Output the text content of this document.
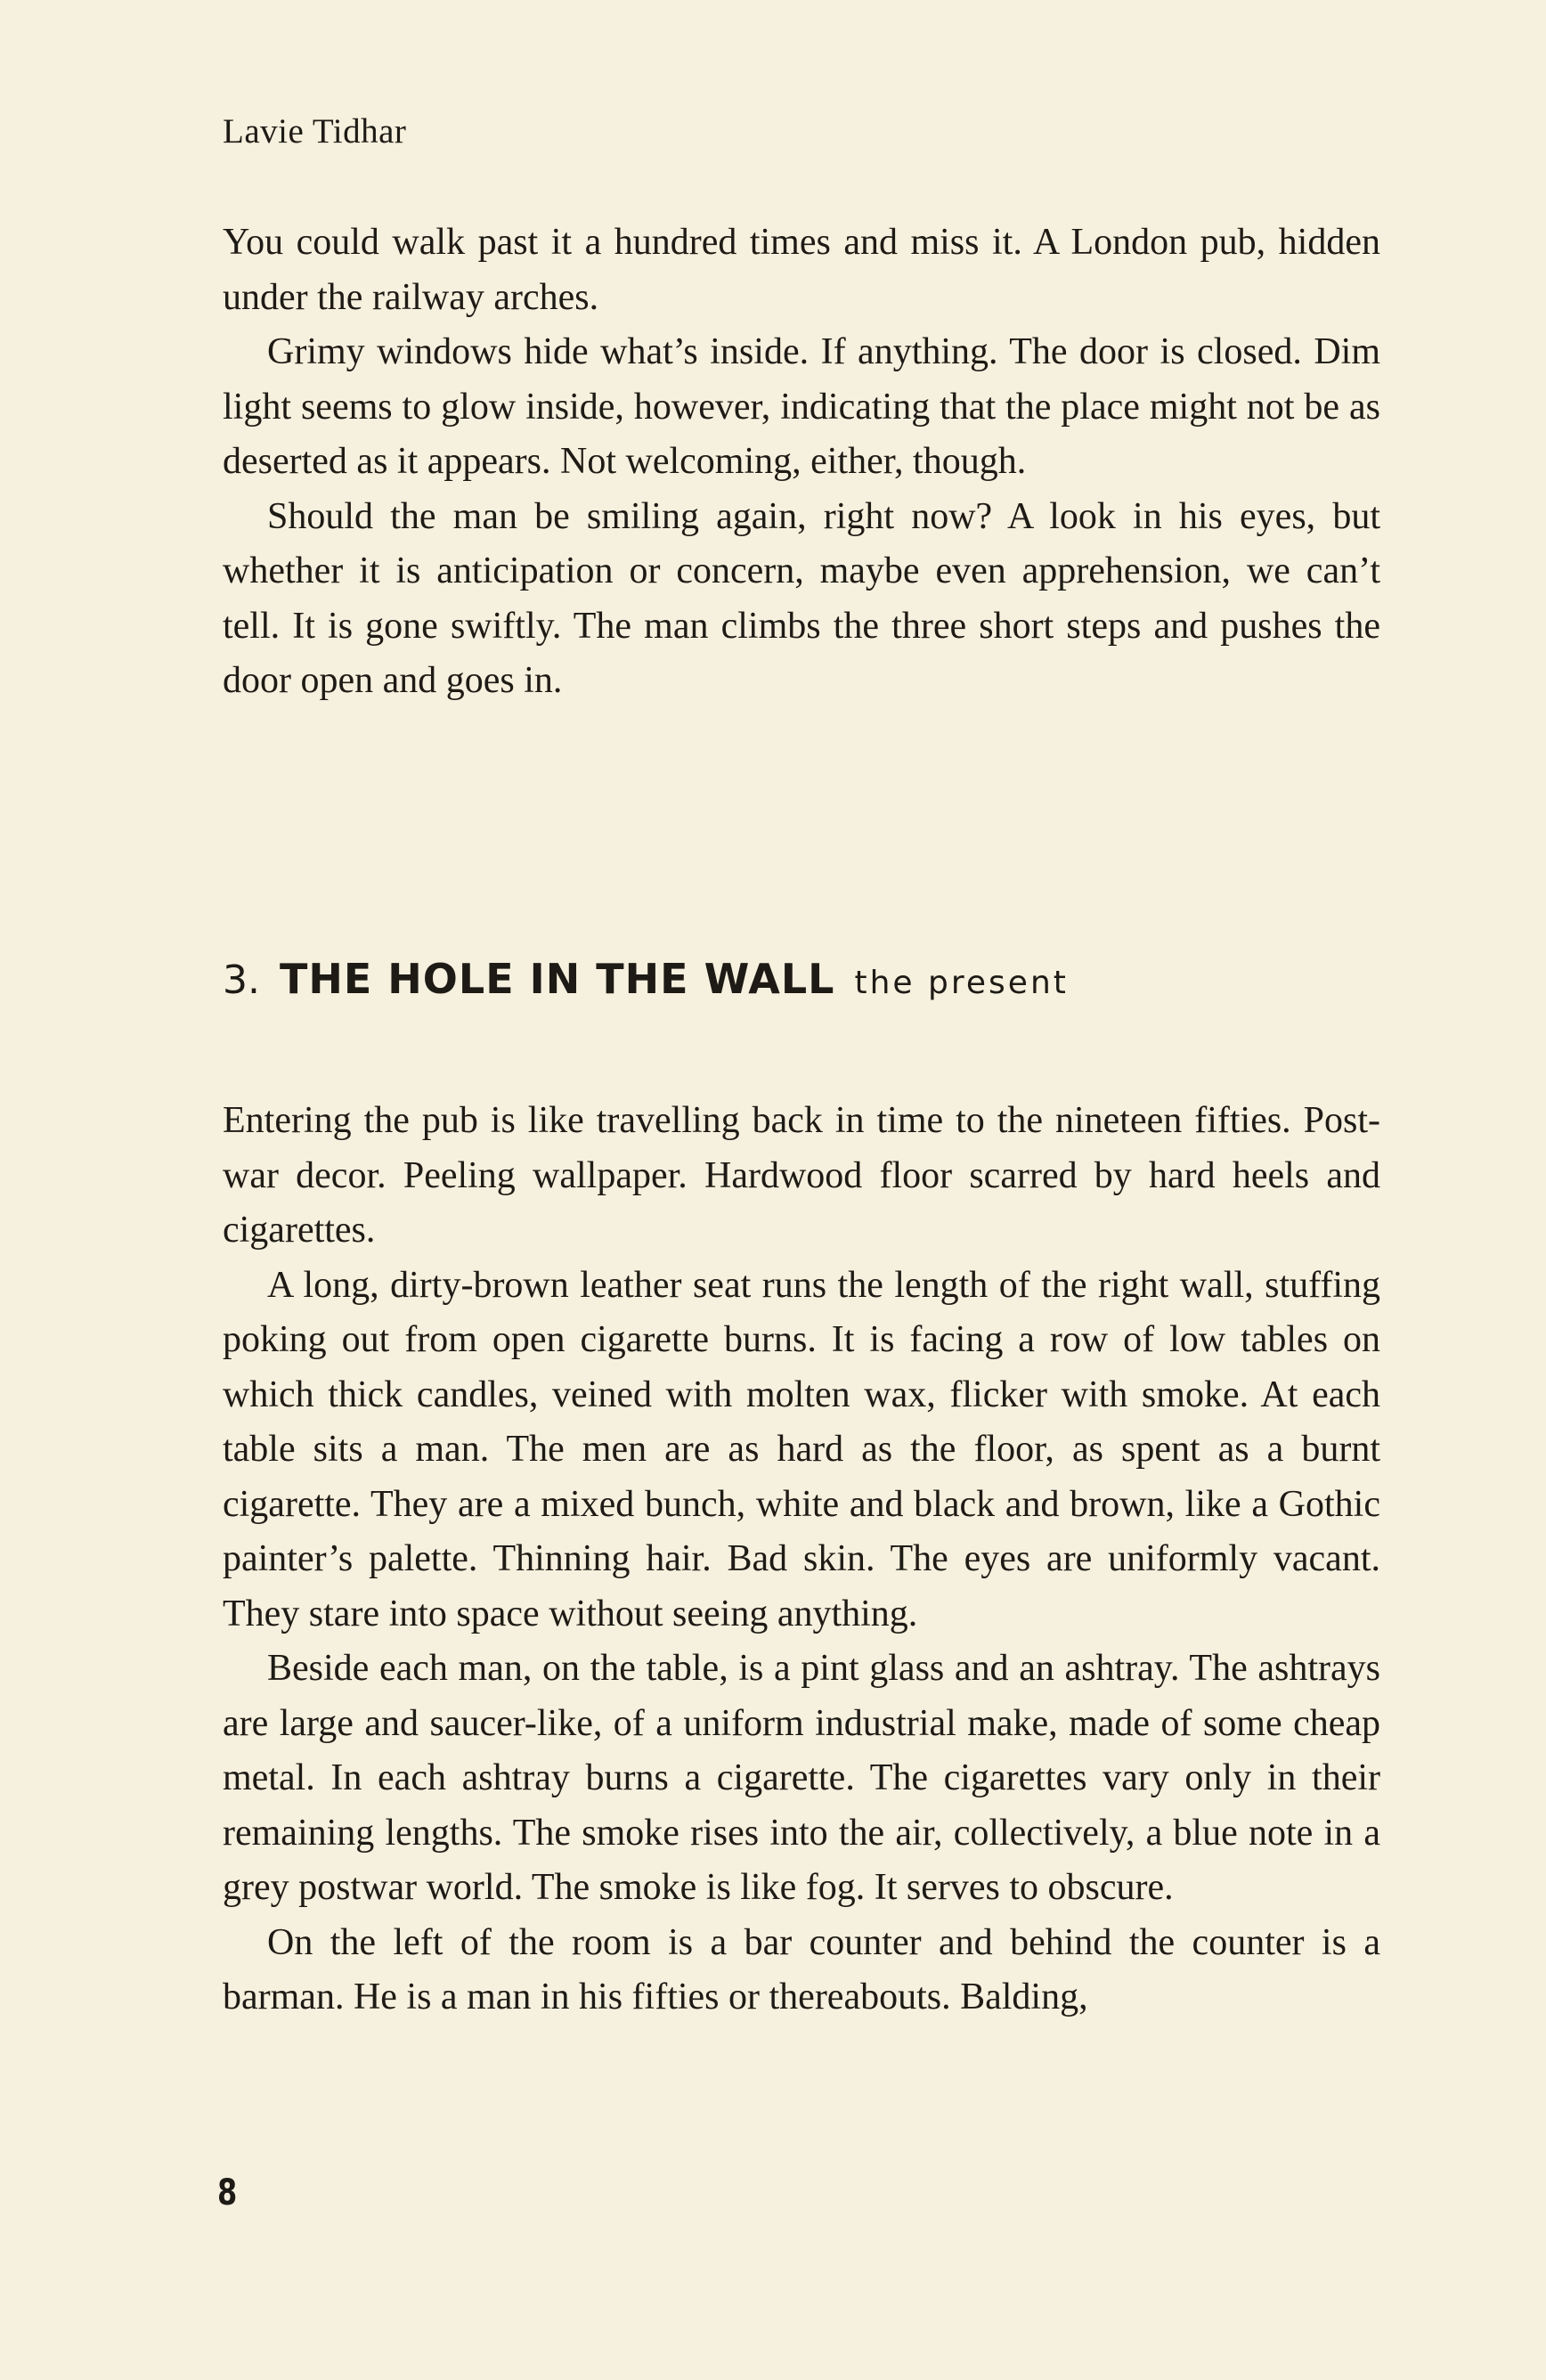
Lavie Tidhar

You could walk past it a hundred times and miss it. A London pub, hidden under the railway arches.

Grimy windows hide what’s inside. If anything. The door is closed. Dim light seems to glow inside, however, indicating that the place might not be as deserted as it appears. Not welcoming, either, though.

Should the man be smiling again, right now? A look in his eyes, but whether it is anticipation or concern, maybe even apprehension, we can’t tell. It is gone swiftly. The man climbs the three short steps and pushes the door open and goes in.

3. THE HOLE IN THE WALL the present

Entering the pub is like travelling back in time to the nineteen fifties. Post-war decor. Peeling wallpaper. Hardwood floor scarred by hard heels and cigarettes.

A long, dirty-brown leather seat runs the length of the right wall, stuffing poking out from open cigarette burns. It is facing a row of low tables on which thick candles, veined with molten wax, flicker with smoke. At each table sits a man. The men are as hard as the floor, as spent as a burnt cigarette. They are a mixed bunch, white and black and brown, like a Gothic painter’s palette. Thinning hair. Bad skin. The eyes are uniformly vacant. They stare into space without seeing anything.

Beside each man, on the table, is a pint glass and an ashtray. The ashtrays are large and saucer-like, of a uniform industrial make, made of some cheap metal. In each ashtray burns a cigarette. The cigarettes vary only in their remaining lengths. The smoke rises into the air, collectively, a blue note in a grey postwar world. The smoke is like fog. It serves to obscure.

On the left of the room is a bar counter and behind the counter is a barman. He is a man in his fifties or thereabouts. Balding,

8
